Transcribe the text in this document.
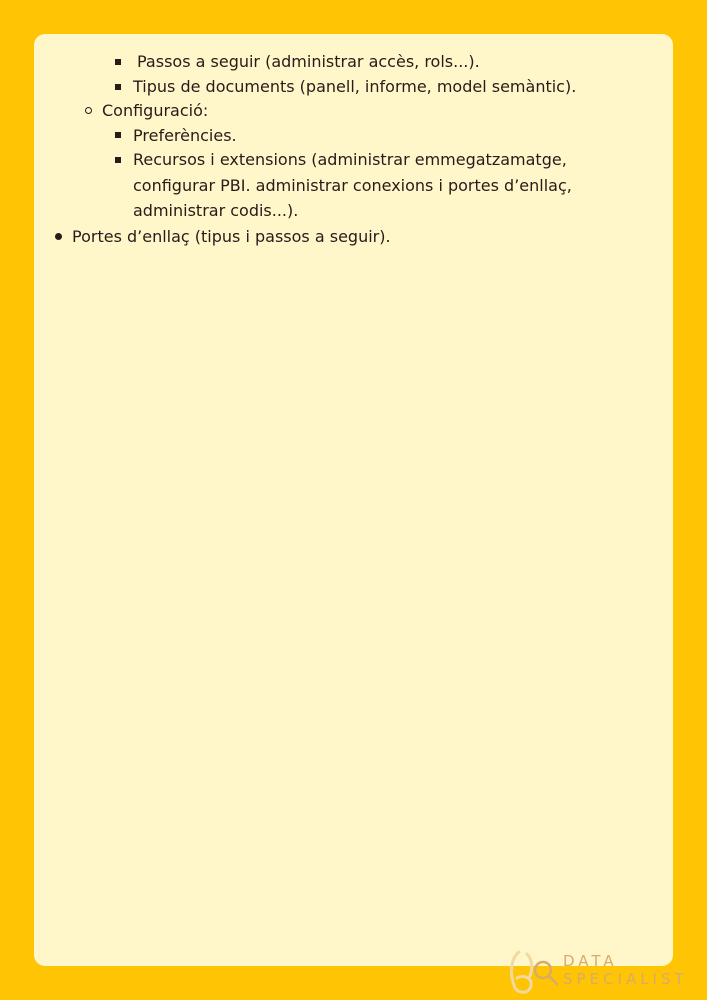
Passos a seguir (administrar accès, rols...).
Tipus de documents (panell, informe, model semàntic).
Configuració:
Preferències.
Recursos i extensions (administrar emmegatzamatge,
configurar PBI. administrar conexions i portes d’enllaç,
administrar codis...).
Portes d’enllaç (tipus i passos a seguir).
DATA
SPECIALIST
